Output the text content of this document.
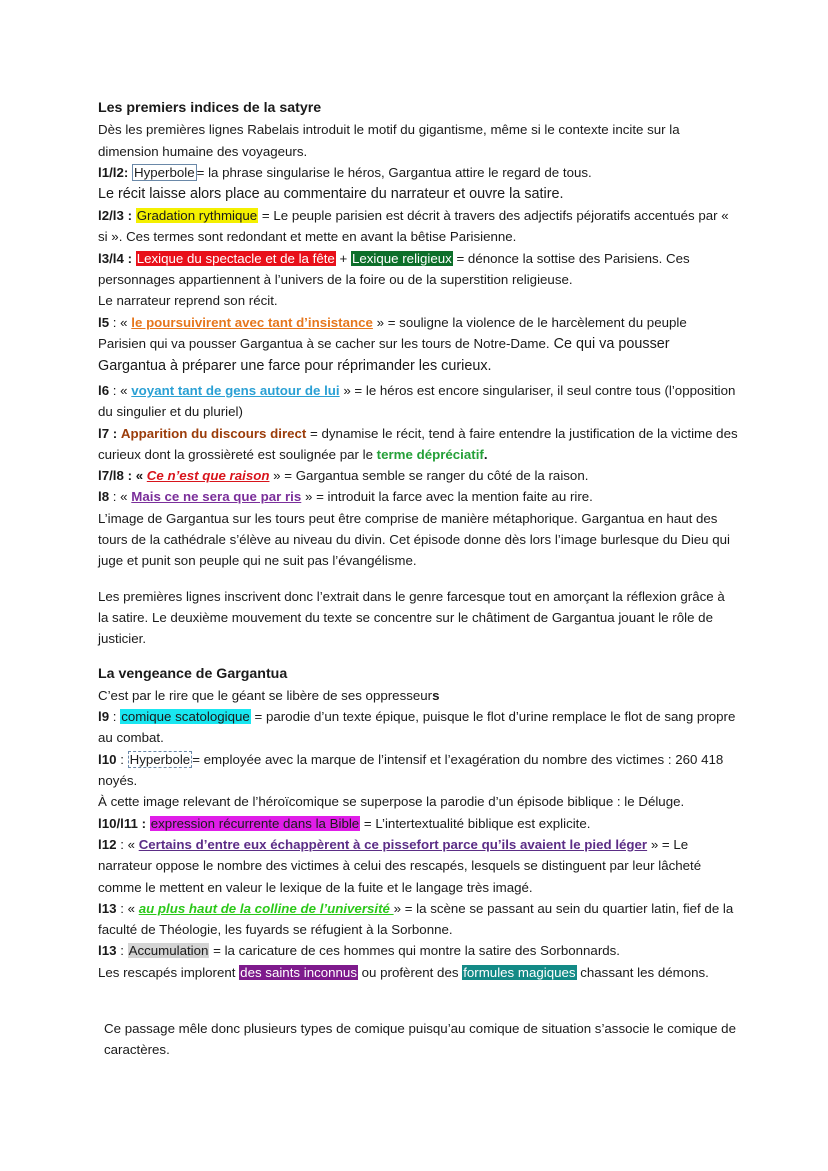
Les premiers indices de la satyre

Dès les premières lignes Rabelais introduit le motif du gigantisme, même si le contexte incite sur la dimension humaine des voyageurs.

l1/l2: Hyperbole = la phrase singularise le héros, Gargantua attire le regard de tous.

Le récit laisse alors place au commentaire du narrateur et ouvre la satire.

l2/l3 : Gradation rythmique = Le peuple parisien est décrit à travers des adjectifs péjoratifs accentués par « si ». Ces termes sont redondant et mette en avant la bêtise Parisienne.

l3/l4 : Lexique du spectacle et de la fête + Lexique religieux = dénonce la sottise des Parisiens. Ces personnages appartiennent à l’univers de la foire ou de la superstition religieuse.

Le narrateur reprend son récit.

l5 : « le poursuivirent avec tant d’insistance » = souligne la violence de le harcèlement du peuple Parisien qui va pousser Gargantua à se cacher sur les tours de Notre-Dame. Ce qui va pousser Gargantua à préparer une farce pour réprimander les curieux.

l6 : « voyant tant de gens autour de lui » = le héros est encore singulariser, il seul contre tous (l’opposition du singulier et du pluriel)

l7 : Apparition du discours direct = dynamise le récit, tend à faire entendre la justification de la victime des curieux dont la grossièreté est soulignée par le terme dépréciatif.

l7/l8 : « Ce n’est que raison » = Gargantua semble se ranger du côté de la raison.

l8 : « Mais ce ne sera que par ris » = introduit la farce avec la mention faite au rire.

L’image de Gargantua sur les tours peut être comprise de manière métaphorique. Gargantua en haut des tours de la cathédrale s’élève au niveau du divin. Cet épisode donne dès lors l’image burlesque du Dieu qui juge et punit son peuple qui ne suit pas l’évangélisme.

Les premières lignes inscrivent donc l’extrait dans le genre farcesque tout en amorçant la réflexion grâce à la satire. Le deuxième mouvement du texte se concentre sur le châtiment de Gargantua jouant le rôle de justicier.

La vengeance de Gargantua

C’est par le rire que le géant se libère de ses oppresseurs

l9 : comique scatologique = parodie d’un texte épique, puisque le flot d’urine remplace le flot de sang propre au combat.

l10 : Hyperbole = employée avec la marque de l’intensif et l’exagération du nombre des victimes : 260 418 noyés.

À cette image relevant de l’héroïcomique se superpose la parodie d’un épisode biblique : le Déluge.

l10/l11 : expression récurrente dans la Bible = L’intertextualité biblique est explicite.

l12 : « Certains d’entre eux échappèrent à ce pissefort parce qu’ils avaient le pied léger » = Le narrateur oppose le nombre des victimes à celui des rescapés, lesquels se distinguent par leur lâcheté comme le mettent en valeur le lexique de la fuite et le langage très imagé.

l13 : « au plus haut de la colline de l’université » = la scène se passant au sein du quartier latin, fief de la faculté de Théologie, les fuyards se réfugient à la Sorbonne.

l13 : Accumulation = la caricature de ces hommes qui montre la satire des Sorbonnards.

Les rescapés implorent des saints inconnus ou profèrent des formules magiques chassant les démons.

Ce passage mêle donc plusieurs types de comique puisqu’au comique de situation s’associe le comique de caractères.
